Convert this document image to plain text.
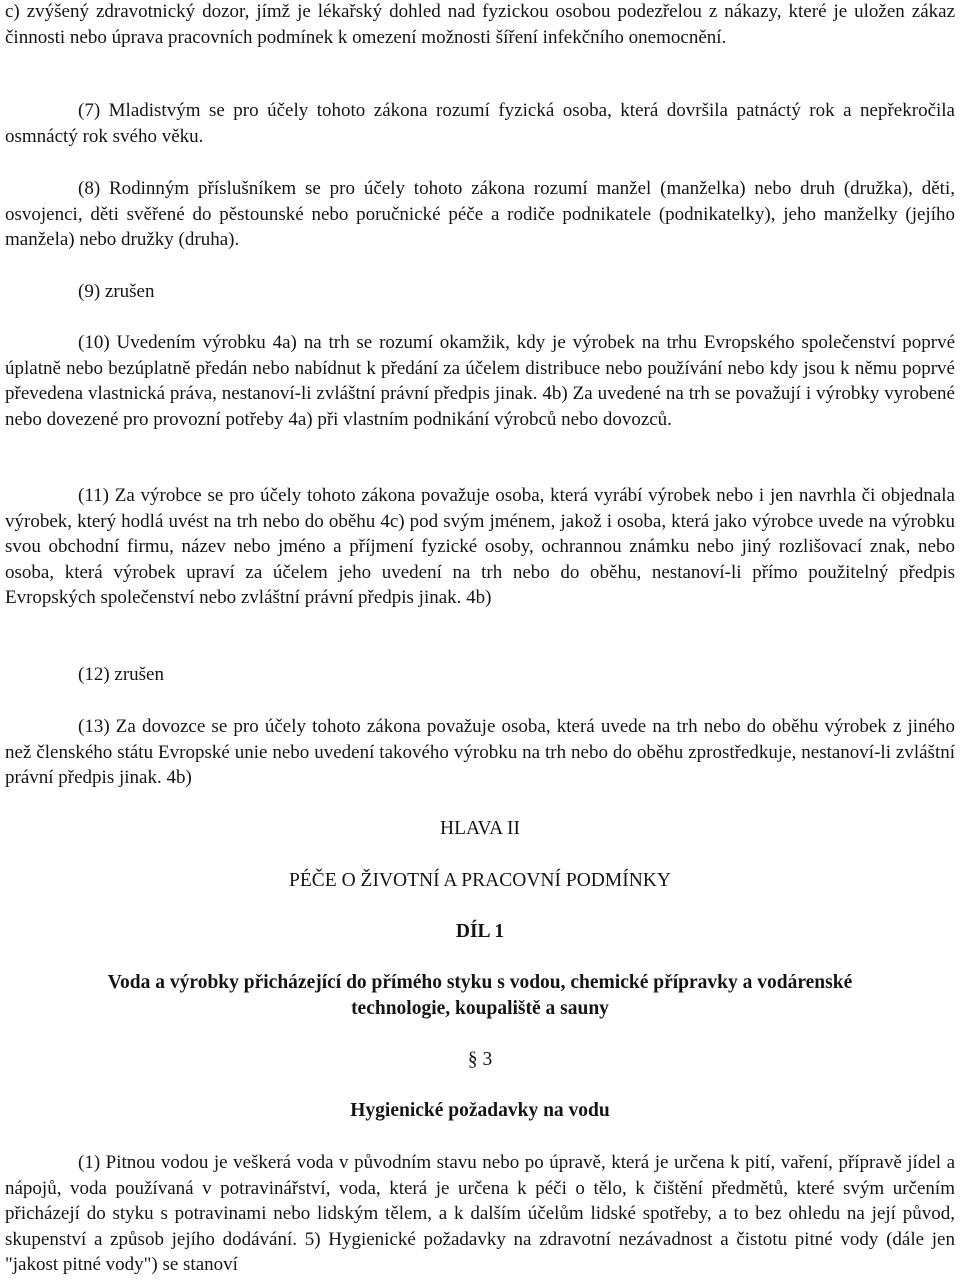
c) zvýšený zdravotnický dozor, jímž je lékařský dohled nad fyzickou osobou podezřelou z nákazy, které je uložen zákaz činnosti nebo úprava pracovních podmínek k omezení možnosti šíření infekčního onemocnění.

(7) Mladistvým se pro účely tohoto zákona rozumí fyzická osoba, která dovršila patnáctý rok a nepřekročila osmnáctý rok svého věku.

(8) Rodinným příslušníkem se pro účely tohoto zákona rozumí manžel (manželka) nebo druh (družka), děti, osvojenci, děti svěřené do pěstounské nebo poručnické péče a rodiče podnikatele (podnikatelky), jeho manželky (jejího manžela) nebo družky (druha).

(9) zrušen

(10) Uvedením výrobku 4a) na trh se rozumí okamžik, kdy je výrobek na trhu Evropského společenství poprvé úplatně nebo bezúplatně předán nebo nabídnut k předání za účelem distribuce nebo používání nebo kdy jsou k němu poprvé převedena vlastnická práva, nestanoví-li zvláštní právní předpis jinak. 4b) Za uvedené na trh se považují i výrobky vyrobené nebo dovezené pro provozní potřeby 4a) při vlastním podnikání výrobců nebo dovozců.

(11) Za výrobce se pro účely tohoto zákona považuje osoba, která vyrábí výrobek nebo i jen navrhla či objednala výrobek, který hodlá uvést na trh nebo do oběhu 4c) pod svým jménem, jakož i osoba, která jako výrobce uvede na výrobku svou obchodní firmu, název nebo jméno a příjmení fyzické osoby, ochrannou známku nebo jiný rozlišovací znak, nebo osoba, která výrobek upraví za účelem jeho uvedení na trh nebo do oběhu, nestanoví-li přímo použitelný předpis Evropských společenství nebo zvláštní právní předpis jinak. 4b)

(12) zrušen

(13) Za dovozce se pro účely tohoto zákona považuje osoba, která uvede na trh nebo do oběhu výrobek z jiného než členského státu Evropské unie nebo uvedení takového výrobku na trh nebo do oběhu zprostředkuje, nestanoví-li zvláštní právní předpis jinak. 4b)

HLAVA II
PÉČE O ŽIVOTNÍ A PRACOVNÍ PODMÍNKY
DÍL 1
Voda a výrobky přicházející do přímého styku s vodou, chemické přípravky a vodárenské
technologie, koupaliště a sauny
§ 3
Hygienické požadavky na vodu

(1) Pitnou vodou je veškerá voda v původním stavu nebo po úpravě, která je určena k pití, vaření, přípravě jídel a nápojů, voda používaná v potravinářství, voda, která je určena k péči o tělo, k čištění předmětů, které svým určením přicházejí do styku s potravinami nebo lidským tělem, a k dalším účelům lidské spotřeby, a to bez ohledu na její původ, skupenství a způsob jejího dodávání. 5) Hygienické požadavky na zdravotní nezávadnost a čistotu pitné vody (dále jen "jakost pitné vody") se stanoví
